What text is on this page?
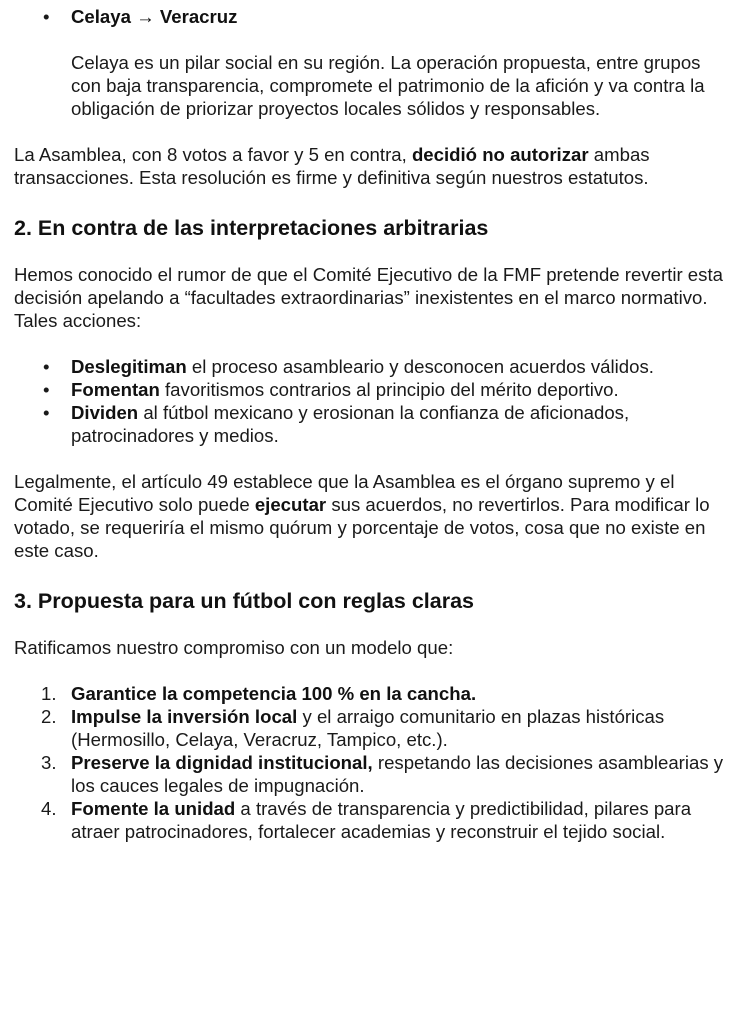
• Celaya → Veracruz

Celaya es un pilar social en su región. La operación propuesta, entre grupos con baja transparencia, compromete el patrimonio de la afición y va contra la obligación de priorizar proyectos locales sólidos y responsables.

La Asamblea, con 8 votos a favor y 5 en contra, decidió no autorizar ambas transacciones. Esta resolución es firme y definitiva según nuestros estatutos.

2. En contra de las interpretaciones arbitrarias

Hemos conocido el rumor de que el Comité Ejecutivo de la FMF pretende revertir esta decisión apelando a “facultades extraordinarias” inexistentes en el marco normativo. Tales acciones:

• Deslegitiman el proceso asambleario y desconocen acuerdos válidos.
• Fomentan favoritismos contrarios al principio del mérito deportivo.
• Dividen al fútbol mexicano y erosionan la confianza de aficionados, patrocinadores y medios.

Legalmente, el artículo 49 establece que la Asamblea es el órgano supremo y el Comité Ejecutivo solo puede ejecutar sus acuerdos, no revertirlos. Para modificar lo votado, se requeriría el mismo quórum y porcentaje de votos, cosa que no existe en este caso.

3. Propuesta para un fútbol con reglas claras

Ratificamos nuestro compromiso con un modelo que:

1. Garantice la competencia 100 % en la cancha.
2. Impulse la inversión local y el arraigo comunitario en plazas históricas (Hermosillo, Celaya, Veracruz, Tampico, etc.).
3. Preserve la dignidad institucional, respetando las decisiones asamblearias y los cauces legales de impugnación.
4. Fomente la unidad a través de transparencia y predictibilidad, pilares para atraer patrocinadores, fortalecer academias y reconstruir el tejido social.
